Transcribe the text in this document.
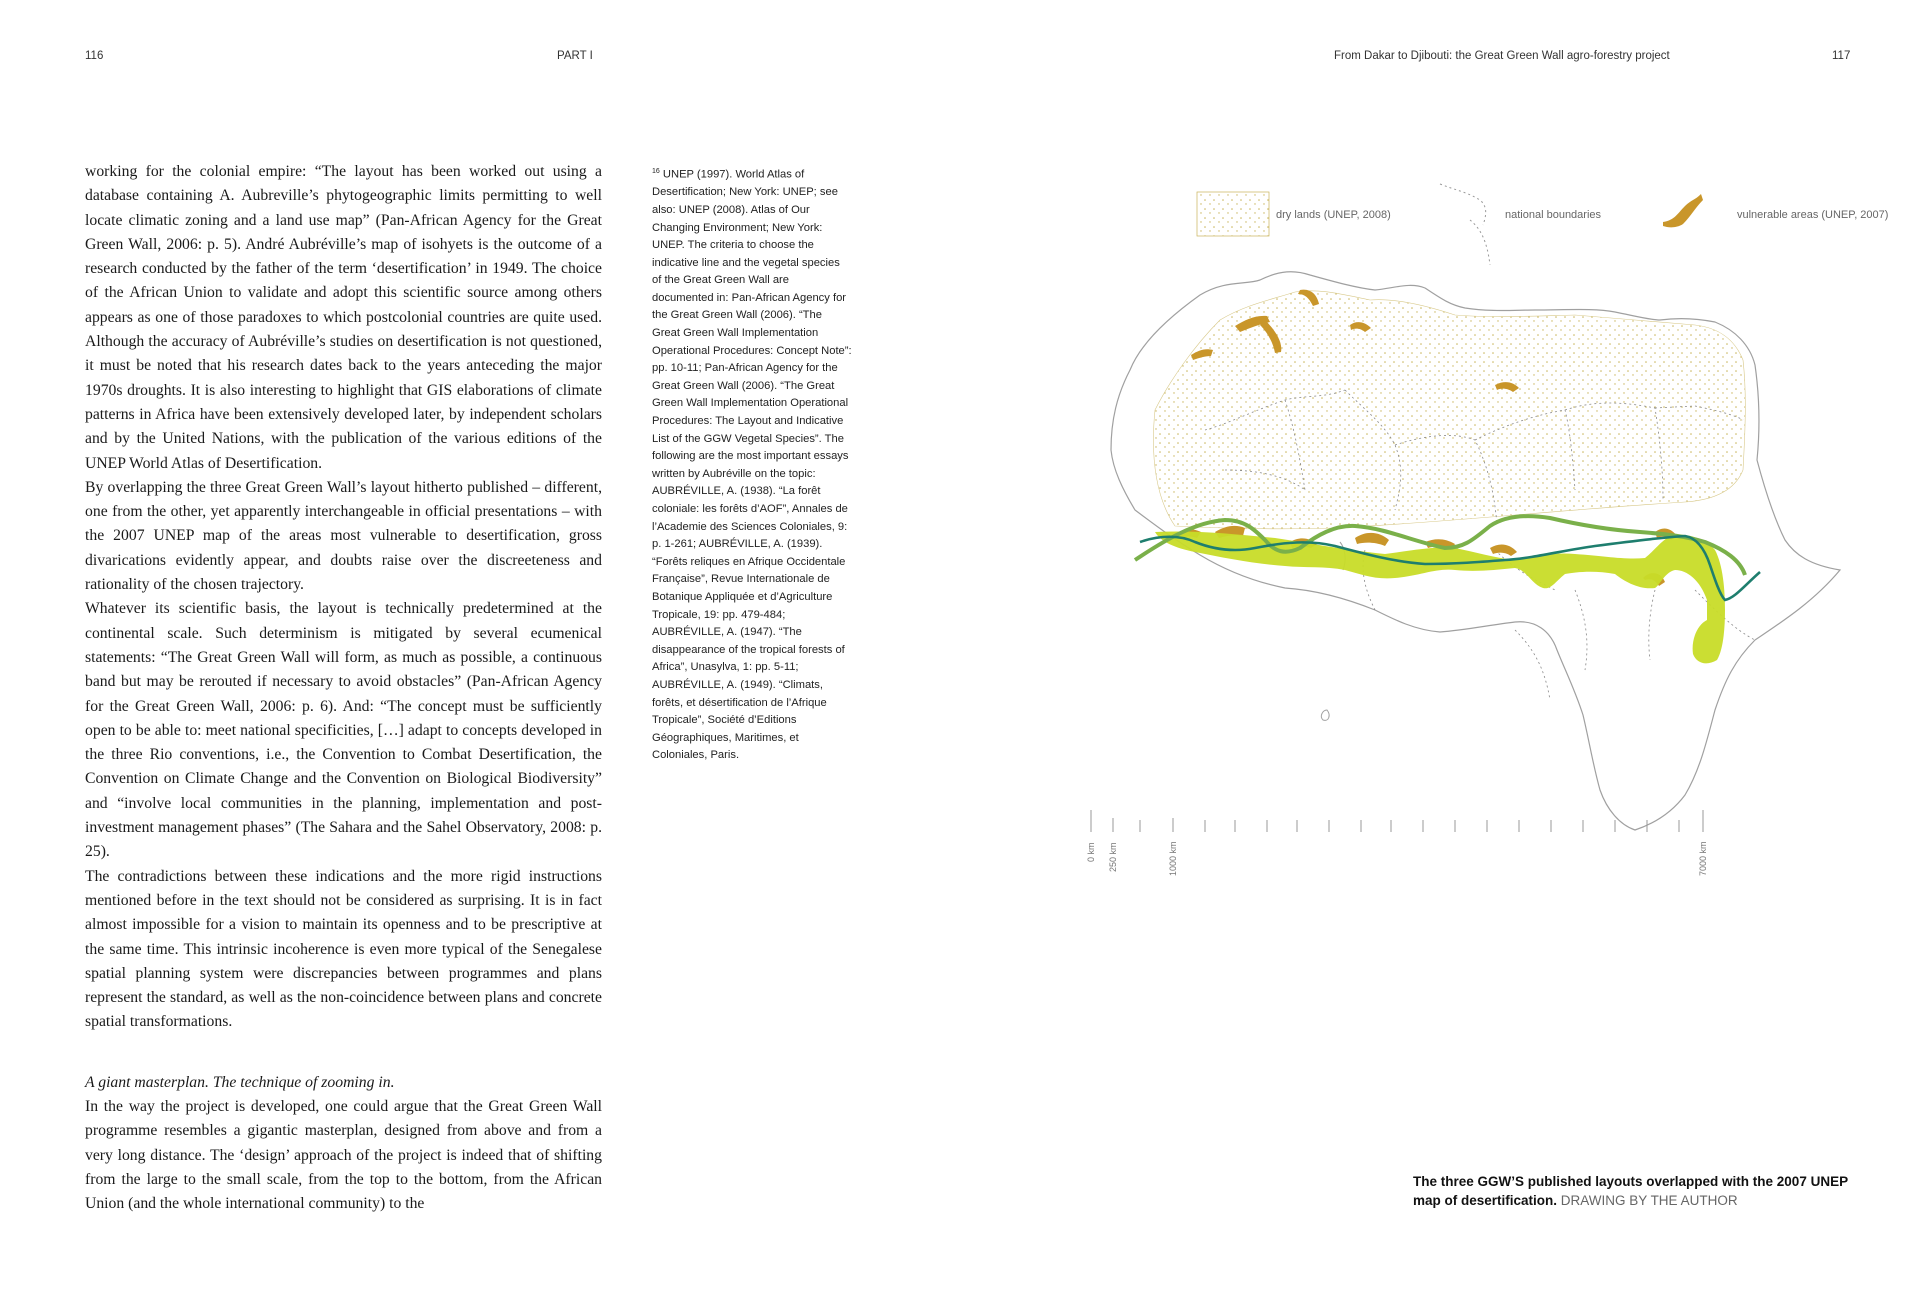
116	PART I	From Dakar to Djibouti: the Great Green Wall agro-forestry project	117

working for the colonial empire: “The layout has been worked out using a database containing A. Aubreville’s phytogeographic limits permitting to well locate climatic zoning and a land use map” (Pan-African Agency for the Great Green Wall, 2006: p. 5). André Aubréville’s map of isohyets is the outcome of a research conducted by the father of the term ‘desertification’ in 1949. The choice of the African Union to validate and adopt this scientific source among others appears as one of those paradoxes to which postcolonial countries are quite used. Although the accuracy of Aubréville’s studies on desertification is not questioned, it must be noted that his research dates back to the years anteceding the major 1970s droughts. It is also interesting to highlight that GIS elaborations of climate patterns in Africa have been extensively developed later, by independent scholars and by the United Nations, with the publication of the various editions of the UNEP World Atlas of Desertification.

By overlapping the three Great Green Wall’s layout hitherto published – different, one from the other, yet apparently interchangeable in official presentations – with the 2007 UNEP map of the areas most vulnerable to desertification, gross divarications evidently appear, and doubts raise over the discreeteness and rationality of the chosen trajectory.

Whatever its scientific basis, the layout is technically predetermined at the continental scale. Such determinism is mitigated by several ecumenical statements: “The Great Green Wall will form, as much as possible, a continuous band but may be rerouted if necessary to avoid obstacles” (Pan-African Agency for the Great Green Wall, 2006: p. 6). And: “The concept must be sufficiently open to be able to: meet national specificities, […] adapt to concepts developed in the three Rio conventions, i.e., the Convention to Combat Desertification, the Convention on Climate Change and the Convention on Biological Biodiversity” and “involve local communities in the planning, implementation and post-investment management phases” (The Sahara and the Sahel Observatory, 2008: p. 25).

The contradictions between these indications and the more rigid instructions mentioned before in the text should not be considered as surprising. It is in fact almost impossible for a vision to maintain its openness and to be prescriptive at the same time. This intrinsic incoherence is even more typical of the Senegalese spatial planning system were discrepancies between programmes and plans represent the standard, as well as the non-coincidence between plans and concrete spatial transformations.

A giant masterplan. The technique of zooming in.

In the way the project is developed, one could argue that the Great Green Wall programme resembles a gigantic masterplan, designed from above and from a very long distance. The ‘design’ approach of the project is indeed that of shifting from the large to the small scale, from the top to the bottom, from the African Union (and the whole international community) to the

$^{16}$ UNEP (1997). World Atlas of Desertification; New York: UNEP; see also: UNEP (2008). Atlas of Our Changing Environment; New York: UNEP. The criteria to choose the indicative line and the vegetal species of the Great Green Wall are documented in: Pan-African Agency for the Great Green Wall (2006). “The Great Green Wall Implementation Operational Procedures: Concept Note”: pp. 10-11; Pan-African Agency for the Great Green Wall (2006). “The Great Green Wall Implementation Operational Procedures: The Layout and Indicative List of the GGW Vegetal Species”. The following are the most important essays written by Aubréville on the topic: AUBRÉVILLE, A. (1938). “La forêt coloniale: les forêts d’AOF”, Annales de l’Academie des Sciences Coloniales, 9: p. 1-261; AUBRÉVILLE, A. (1939). “Forêts reliques en Afrique Occidentale Française”, Revue Internationale de Botanique Appliquée et d’Agriculture Tropicale, 19: pp. 479-484; AUBRÉVILLE, A. (1947). “The disappearance of the tropical forests of Africa”, Unasylva, 1: pp. 5-11; AUBRÉVILLE, A. (1949). “Climats, forêts, et désertification de l’Afrique Tropicale”, Société d’Editions Géographiques, Maritimes, et Coloniales, Paris.
dry lands (UNEP, 2008)	national boundaries	vulnerable areas (UNEP, 2007)
0 km 250 km	1000 km	7000 km
The three GGW’S published layouts overlapped with the 2007 UNEP map of desertification. DRAWING BY THE AUTHOR
